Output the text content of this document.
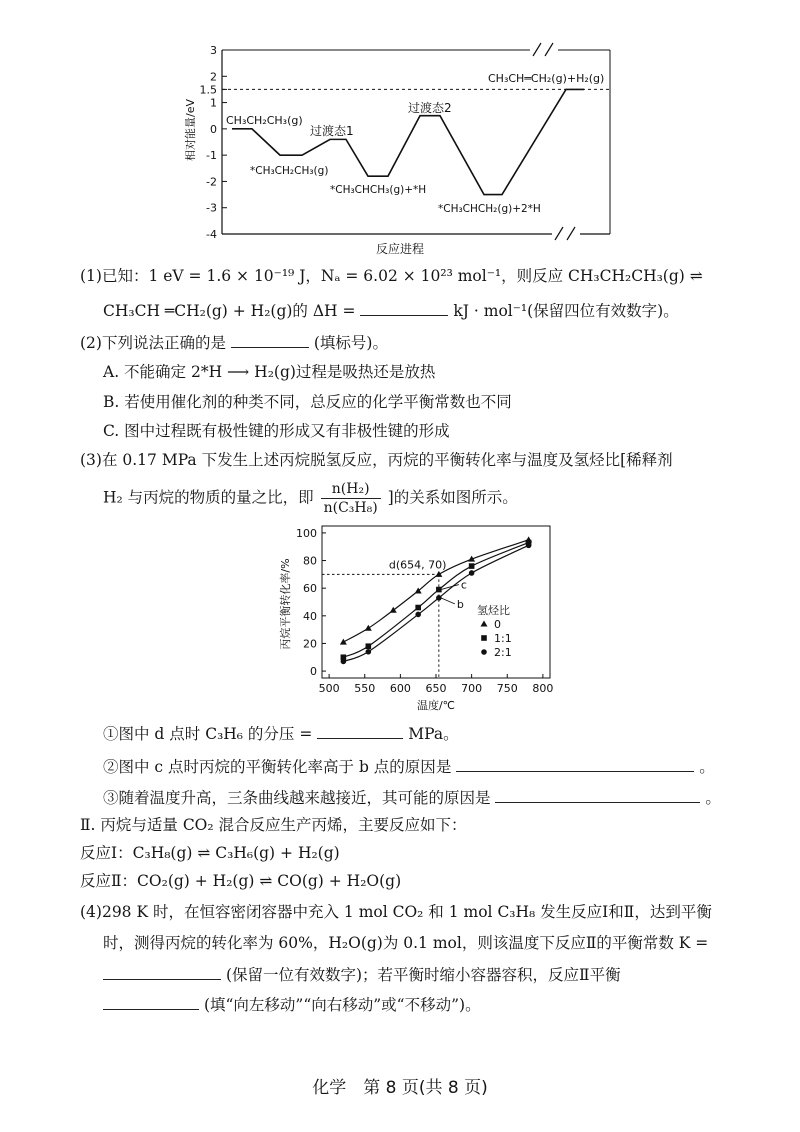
相对能量/eV
3
2
1.5
1
0
-1
-2
-3
-4
CH₃CH₂CH₃(g)
*CH₃CH₂CH₃(g)
过渡态1
*CH₃CHCH₃(g)+*H
过渡态2
*CH₃CHCH₂(g)+2*H
CH₃CH═CH₂(g)+H₂(g)
反应进程
(1)已知：1 eV = 1.6 × 10⁻¹⁹ J，Nₐ = 6.02 × 10²³ mol⁻¹，则反应 CH₃CH₂CH₃(g) ⇌
CH₃CH ═CH₂(g) + H₂(g)的 ΔH =	kJ · mol⁻¹(保留四位有效数字)。
(2)下列说法正确的是	(填标号)。
A. 不能确定 2*H ⟶ H₂(g)过程是吸热还是放热
B. 若使用催化剂的种类不同，总反应的化学平衡常数也不同
C. 图中过程既有极性键的形成又有非极性键的形成
(3)在 0.17 MPa 下发生上述丙烷脱氢反应，丙烷的平衡转化率与温度及氢烃比[稀释剂
H₂ 与丙烷的物质的量之比，即 $\frac{\text{n(H₂)}}{\text{n(C₃H₈)}}$ ]的关系如图所示。
丙烷平衡转化率/%
500 550 600 650 700 750 800
0
20
40
60
80
100
d(654, 70)
c
b 氢烃比
0
1:1
2:1
温度/℃
①图中 d 点时 C₃H₆ 的分压 =	MPa。
②图中 c 点时丙烷的平衡转化率高于 b 点的原因是	。
③随着温度升高，三条曲线越来越接近，其可能的原因是	。
Ⅱ. 丙烷与适量 CO₂ 混合反应生产丙烯，主要反应如下：
反应Ⅰ：C₃H₈(g) ⇌ C₃H₆(g) + H₂(g)
反应Ⅱ：CO₂(g) + H₂(g) ⇌ CO(g) + H₂O(g)
(4)298 K 时，在恒容密闭容器中充入 1 mol CO₂ 和 1 mol C₃H₈ 发生反应Ⅰ和Ⅱ，达到平衡
时，测得丙烷的转化率为 60%，H₂O(g)为 0.1 mol，则该温度下反应Ⅱ的平衡常数 K =
(保留一位有效数字)；若平衡时缩小容器容积，反应Ⅱ平衡
(填“向左移动”“向右移动”或“不移动”)。
化学　第 8 页(共 8 页)
